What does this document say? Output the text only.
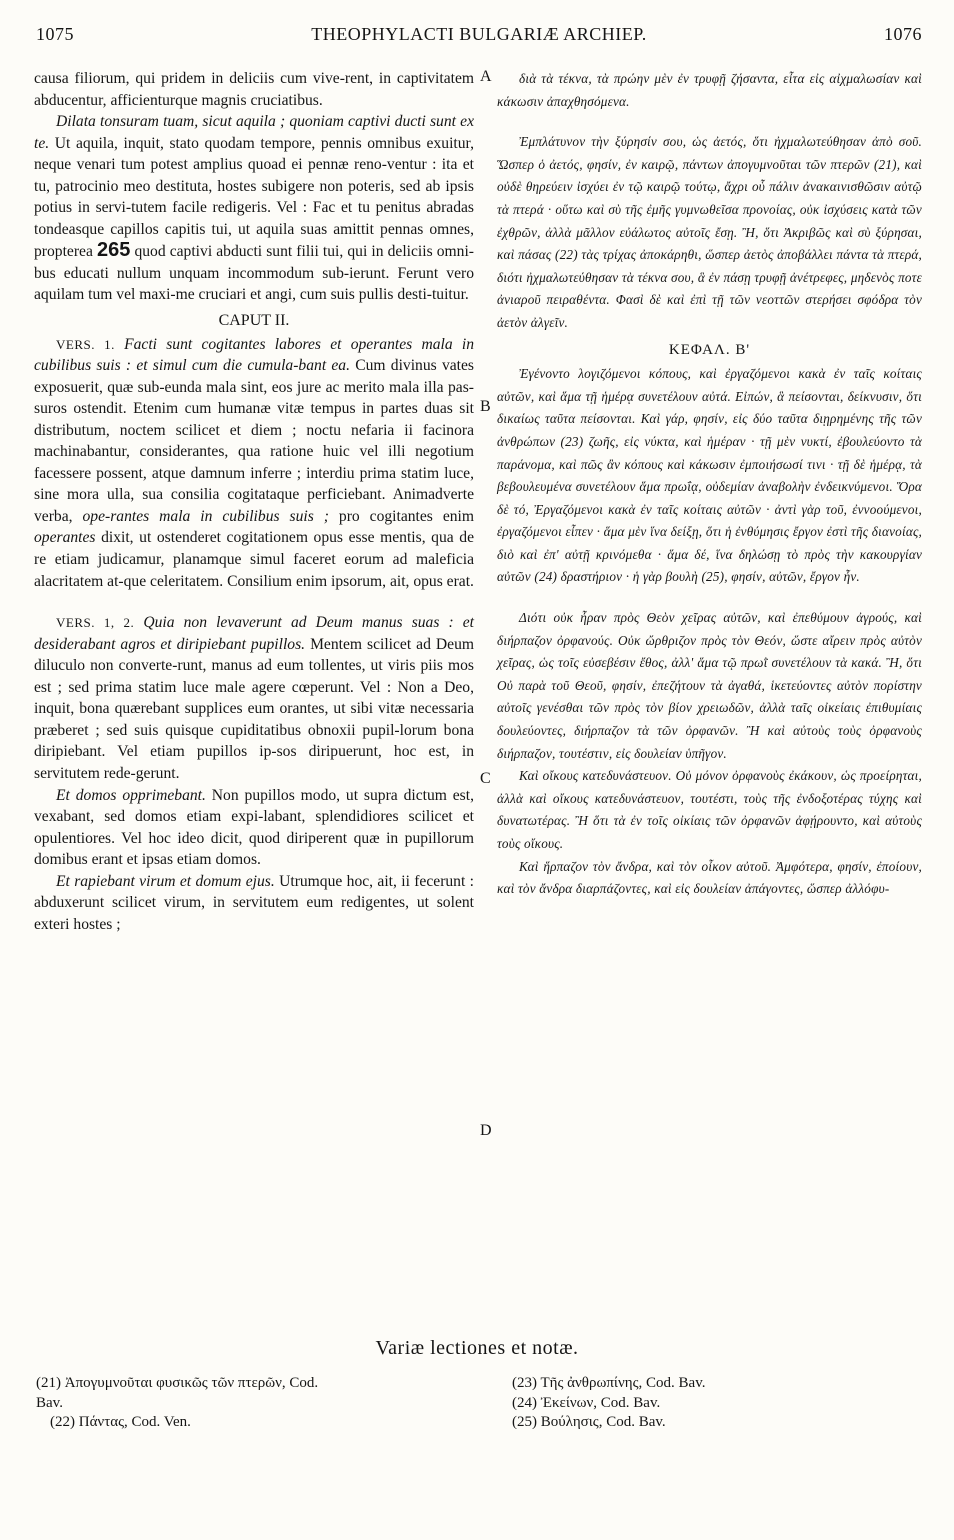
1075	THEOPHYLACTI BULGARIÆ ARCHIEP.	1076
A
B
C
D

causa filiorum, qui pridem in deliciis cum vive-rent, in captivitatem abducentur, afficienturque magnis cruciatibus.

Dilata tonsuram tuam, sicut aquila ; quoniam captivi ducti sunt ex te. Ut aquila, inquit, stato quodam tempore, pennis omnibus exuitur, neque venari tum potest amplius quoad ei pennæ reno-ventur : ita et tu, patrocinio meo destituta, hostes subigere non poteris, sed ab ipsis potius in servi-tutem facile redigeris. Vel : Fac et tu penitus abradas tondeasque capillos capitis tui, ut aquila suas amittit pennas omnes, propterea 265 quod captivi abducti sunt filii tui, qui in deliciis omni-bus educati nullum unquam incommodum sub-ierunt. Ferunt vero aquilam tum vel maxi-me cruciari et angi, cum suis pullis desti-tuitur.

CAPUT II.

VERS. 1. Facti sunt cogitantes labores et operantes mala in cubilibus suis : et simul cum die cumula-bant ea. Cum divinus vates exposuerit, quæ sub-eunda mala sint, eos jure ac merito mala illa pas-suros ostendit. Etenim cum humanæ vitæ tempus in partes duas sit distributum, noctem scilicet et diem ; noctu nefaria ii facinora machinabantur, considerantes, qua ratione huic vel illi negotium facessere possent, atque damnum inferre ; interdiu prima statim luce, sine mora ulla, sua consilia cogitataque perficiebant. Animadverte verba, ope-rantes mala in cubilibus suis ; pro cogitantes enim operantes dixit, ut ostenderet cogitationem opus esse mentis, qua de re etiam judicamur, planamque simul faceret eorum ad maleficia alacritatem at-que celeritatem. Consilium enim ipsorum, ait, opus erat.

VERS. 1, 2. Quia non levaverunt ad Deum manus suas : et desiderabant agros et diripiebant pupillos. Mentem scilicet ad Deum diluculo non converte-runt, manus ad eum tollentes, ut viris piis mos est ; sed prima statim luce male agere cœperunt. Vel : Non a Deo, inquit, bona quærebant supplices eum orantes, ut sibi vitæ necessaria præberet ; sed suis quisque cupiditatibus obnoxii pupil-lorum bona diripiebant. Vel etiam pupillos ip-sos diripuerunt, hoc est, in servitutem rede-gerunt.

Et domos opprimebant. Non pupillos modo, ut supra dictum est, vexabant, sed domos etiam expi-labant, splendidiores scilicet et opulentiores. Vel hoc ideo dicit, quod diriperent quæ in pupillorum domibus erant et ipsas etiam domos.

Et rapiebant virum et domum ejus. Utrumque hoc, ait, ii fecerunt : abduxerunt scilicet virum, in servitutem eum redigentes, ut solent exteri hostes ;

διὰ τὰ τέκνα, τὰ πρώην μὲν ἐν τρυφῇ ζήσαντα, εἶτα εἰς αἰχμαλωσίαν καὶ κάκωσιν ἀπαχθησόμενα.

Ἐμπλάτυνον τὴν ξύρησίν σου, ὡς ἀετός, ὅτι ἠχμαλωτεύθησαν ἀπὸ σοῦ. Ὥσπερ ὁ ἀετός, φησίν, ἐν καιρῷ, πάντων ἀπογυμνοῦται τῶν πτερῶν (21), καὶ οὐδὲ θηρεύειν ἰσχύει ἐν τῷ καιρῷ τούτῳ, ἄχρι οὗ πάλιν ἀνακαινισθῶσιν αὐτῷ τὰ πτερά · οὕτω καὶ σὺ τῆς ἐμῆς γυμνωθεῖσα προνοίας, οὐκ ἰσχύσεις κατὰ τῶν ἐχθρῶν, ἀλλὰ μᾶλλον εὐάλωτος αὐτοῖς ἔσῃ. Ἢ, ὅτι Ἀκριβῶς καὶ σὺ ξύρησαι, καὶ πάσας (22) τὰς τρίχας ἀποκάρηθι, ὥσπερ ἀετὸς ἀποβάλλει πάντα τὰ πτερά, διότι ἠχμαλωτεύθησαν τὰ τέκνα σου, ἃ ἐν πάσῃ τρυφῇ ἀνέτρεφες, μηδενὸς ποτε ἀνιαροῦ πειραθέντα. Φασὶ δὲ καὶ ἐπὶ τῇ τῶν νεοττῶν στερήσει σφόδρα τὸν ἀετὸν ἀλγεῖν.

ΚΕΦΑΛ. Β'

Ἐγένοντο λογιζόμενοι κόπους, καὶ ἐργαζόμενοι κακὰ ἐν ταῖς κοίταις αὐτῶν, καὶ ἅμα τῇ ἡμέρᾳ συνετέλουν αὐτά. Εἰπών, ἃ πείσονται, δείκνυσιν, ὅτι δικαίως ταῦτα πείσονται. Καὶ γάρ, φησίν, εἰς δύο ταῦτα διῃρημένης τῆς τῶν ἀνθρώπων (23) ζωῆς, εἰς νύκτα, καὶ ἡμέραν · τῇ μὲν νυκτί, ἐβουλεύοντο τὰ παράνομα, καὶ πῶς ἂν κόπους καὶ κάκωσιν ἐμποιήσωσί τινι · τῇ δὲ ἡμέρᾳ, τὰ βεβουλευμένα συνετέλουν ἅμα πρωΐᾳ, οὐδεμίαν ἀναβολὴν ἐνδεικνύμενοι. Ὅρα δὲ τό, Ἐργαζόμενοι κακὰ ἐν ταῖς κοίταις αὐτῶν · ἀντὶ γὰρ τοῦ, ἐννοούμενοι, ἐργαζόμενοι εἶπεν · ἅμα μὲν ἵνα δείξῃ, ὅτι ἡ ἐνθύμησις ἔργον ἐστὶ τῆς διανοίας, διὸ καὶ ἐπ' αὐτῇ κρινόμεθα · ἅμα δέ, ἵνα δηλώσῃ τὸ πρὸς τὴν κακουργίαν αὐτῶν (24) δραστήριον · ἡ γὰρ βουλὴ (25), φησίν, αὐτῶν, ἔργον ἦν.

Διότι οὐκ ἦραν πρὸς Θεὸν χεῖρας αὐτῶν, καὶ ἐπεθύμουν ἀγρούς, καὶ διήρπαζον ὀρφανούς. Οὐκ ὤρθριζον πρὸς τὸν Θεόν, ὥστε αἴρειν πρὸς αὐτὸν χεῖρας, ὡς τοῖς εὐσεβέσιν ἔθος, ἀλλ' ἅμα τῷ πρωῒ συνετέλουν τὰ κακά. Ἢ, ὅτι Οὐ παρὰ τοῦ Θεοῦ, φησίν, ἐπεζήτουν τὰ ἀγαθά, ἱκετεύοντες αὐτὸν πορίστην αὐτοῖς γενέσθαι τῶν πρὸς τὸν βίον χρειωδῶν, ἀλλὰ ταῖς οἰκείαις ἐπιθυμίαις δουλεύοντες, διήρπαζον τὰ τῶν ὀρφανῶν. Ἢ καὶ αὐτοὺς τοὺς ὀρφανοὺς διήρπαζον, τουτέστιν, εἰς δουλείαν ὑπῆγον.

Καὶ οἴκους κατεδυνάστευον. Οὐ μόνον ὀρφανοὺς ἐκάκουν, ὡς προείρηται, ἀλλὰ καὶ οἴκους κατεδυνάστευον, τουτέστι, τοὺς τῆς ἐνδοξοτέρας τύχης καὶ δυνατωτέρας. Ἢ ὅτι τὰ ἐν τοῖς οἰκίαις τῶν ὀρφανῶν ἀφῄρουντο, καὶ αὐτοὺς τοὺς οἴκους.

Καὶ ἥρπαζον τὸν ἄνδρα, καὶ τὸν οἶκον αὐτοῦ. Ἀμφότερα, φησίν, ἐποίουν, καὶ τὸν ἄνδρα διαρπάζοντες, καὶ εἰς δουλείαν ἀπάγοντες, ὥσπερ ἀλλόφυ-

Variæ lectiones et notæ.
(21) Ἀπογυμνοῦται φυσικῶς τῶν πτερῶν, Cod.
Bav.
(22) Πάντας, Cod. Ven.
(23) Τῆς ἀνθρωπίνης, Cod. Bav.
(24) Ἐκείνων, Cod. Bav.
(25) Βούλησις, Cod. Bav.
